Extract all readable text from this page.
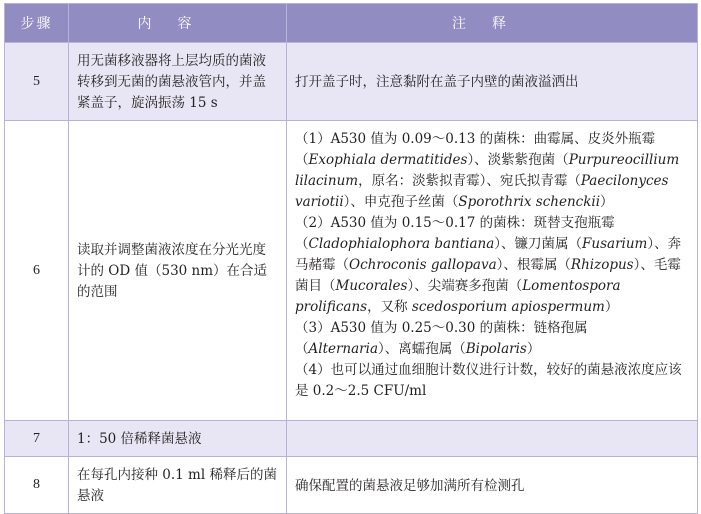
步骤	内容	注释
5	用无菌移液器将上层均质的菌液转移到无菌的菌悬液管内，并盖紧盖子，旋涡振荡 15 s	打开盖子时，注意黏附在盖子内壁的菌液溢洒出
6	读取并调整菌液浓度在分光光度计的 OD 值（530 nm）在合适的范围	（1）A530 值为 0.09～0.13 的菌株：曲霉属、皮炎外瓶霉（Exophiala dermatitides）、淡紫紫孢菌（Purpureocillium lilacinum，原名：淡紫拟青霉）、宛氏拟青霉（Paecilonyces variotii）、申克孢子丝菌（Sporothrix schenckii）

（2）A530 值为 0.15～0.17 的菌株：斑替支孢瓶霉（Cladophialophora bantiana）、镰刀菌属（Fusarium）、奔马赭霉（Ochroconis gallopava）、根霉属（Rhizopus）、毛霉菌目（Mucorales）、尖端赛多孢菌（Lomentospora prolificans，又称 scedosporium apiospermum）

（3）A530 值为 0.25～0.30 的菌株：链格孢属（Alternaria）、离蠕孢属（Bipolaris）

（4）也可以通过血细胞计数仪进行计数，较好的菌悬液浓度应该是 0.2～2.5 CFU/ml

7	1：50 倍稀释菌悬液	
8	在每孔内接种 0.1 ml 稀释后的菌悬液	确保配置的菌悬液足够加满所有检测孔
